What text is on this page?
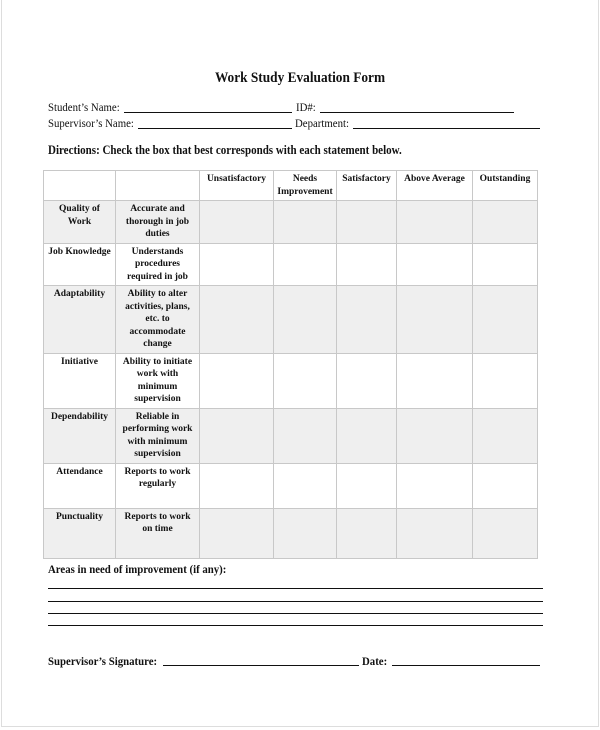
Work Study Evaluation Form
Student’s Name:	ID#:
Supervisor’s Name:	Department:
Directions: Check the box that best corresponds with each statement below.
		Unsatisfactory	Needs Improvement	Satisfactory	Above Average	Outstanding
Quality of Work	Accurate and thorough in job duties					
Job Knowledge	Understands procedures required in job					
Adaptability	Ability to alter activities, plans, etc. to accommodate change					
Initiative	Ability to initiate work with minimum supervision					
Dependability	Reliable in performing work with minimum supervision					
Attendance	Reports to work regularly					
Punctuality	Reports to work on time					
Areas in need of improvement (if any):
Supervisor’s Signature:	Date:
